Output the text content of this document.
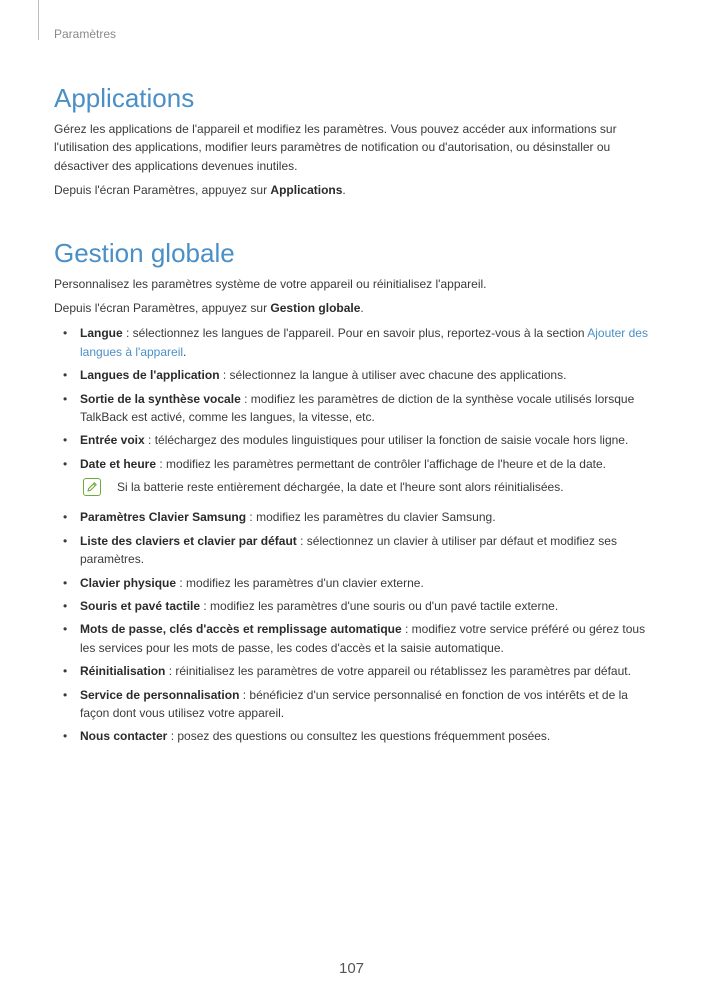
Paramètres
Applications

Gérez les applications de l'appareil et modifiez les paramètres. Vous pouvez accéder aux informations sur l'utilisation des applications, modifier leurs paramètres de notification ou d'autorisation, ou désinstaller ou désactiver des applications devenues inutiles.

Depuis l'écran Paramètres, appuyez sur Applications.

Gestion globale

Personnalisez les paramètres système de votre appareil ou réinitialisez l'appareil.

Depuis l'écran Paramètres, appuyez sur Gestion globale.

• Langue : sélectionnez les langues de l'appareil. Pour en savoir plus, reportez-vous à la section Ajouter des langues à l'appareil.
• Langues de l'application : sélectionnez la langue à utiliser avec chacune des applications.
• Sortie de la synthèse vocale : modifiez les paramètres de diction de la synthèse vocale utilisés lorsque TalkBack est activé, comme les langues, la vitesse, etc.
• Entrée voix : téléchargez des modules linguistiques pour utiliser la fonction de saisie vocale hors ligne.
• Date et heure : modifiez les paramètres permettant de contrôler l'affichage de l'heure et de la date.
Si la batterie reste entièrement déchargée, la date et l'heure sont alors réinitialisées.
• Paramètres Clavier Samsung : modifiez les paramètres du clavier Samsung.
• Liste des claviers et clavier par défaut : sélectionnez un clavier à utiliser par défaut et modifiez ses paramètres.
• Clavier physique : modifiez les paramètres d'un clavier externe.
• Souris et pavé tactile : modifiez les paramètres d'une souris ou d'un pavé tactile externe.
• Mots de passe, clés d'accès et remplissage automatique : modifiez votre service préféré ou gérez tous les services pour les mots de passe, les codes d'accès et la saisie automatique.
• Réinitialisation : réinitialisez les paramètres de votre appareil ou rétablissez les paramètres par défaut.
• Service de personnalisation : bénéficiez d'un service personnalisé en fonction de vos intérêts et de la façon dont vous utilisez votre appareil.
• Nous contacter : posez des questions ou consultez les questions fréquemment posées.
107
